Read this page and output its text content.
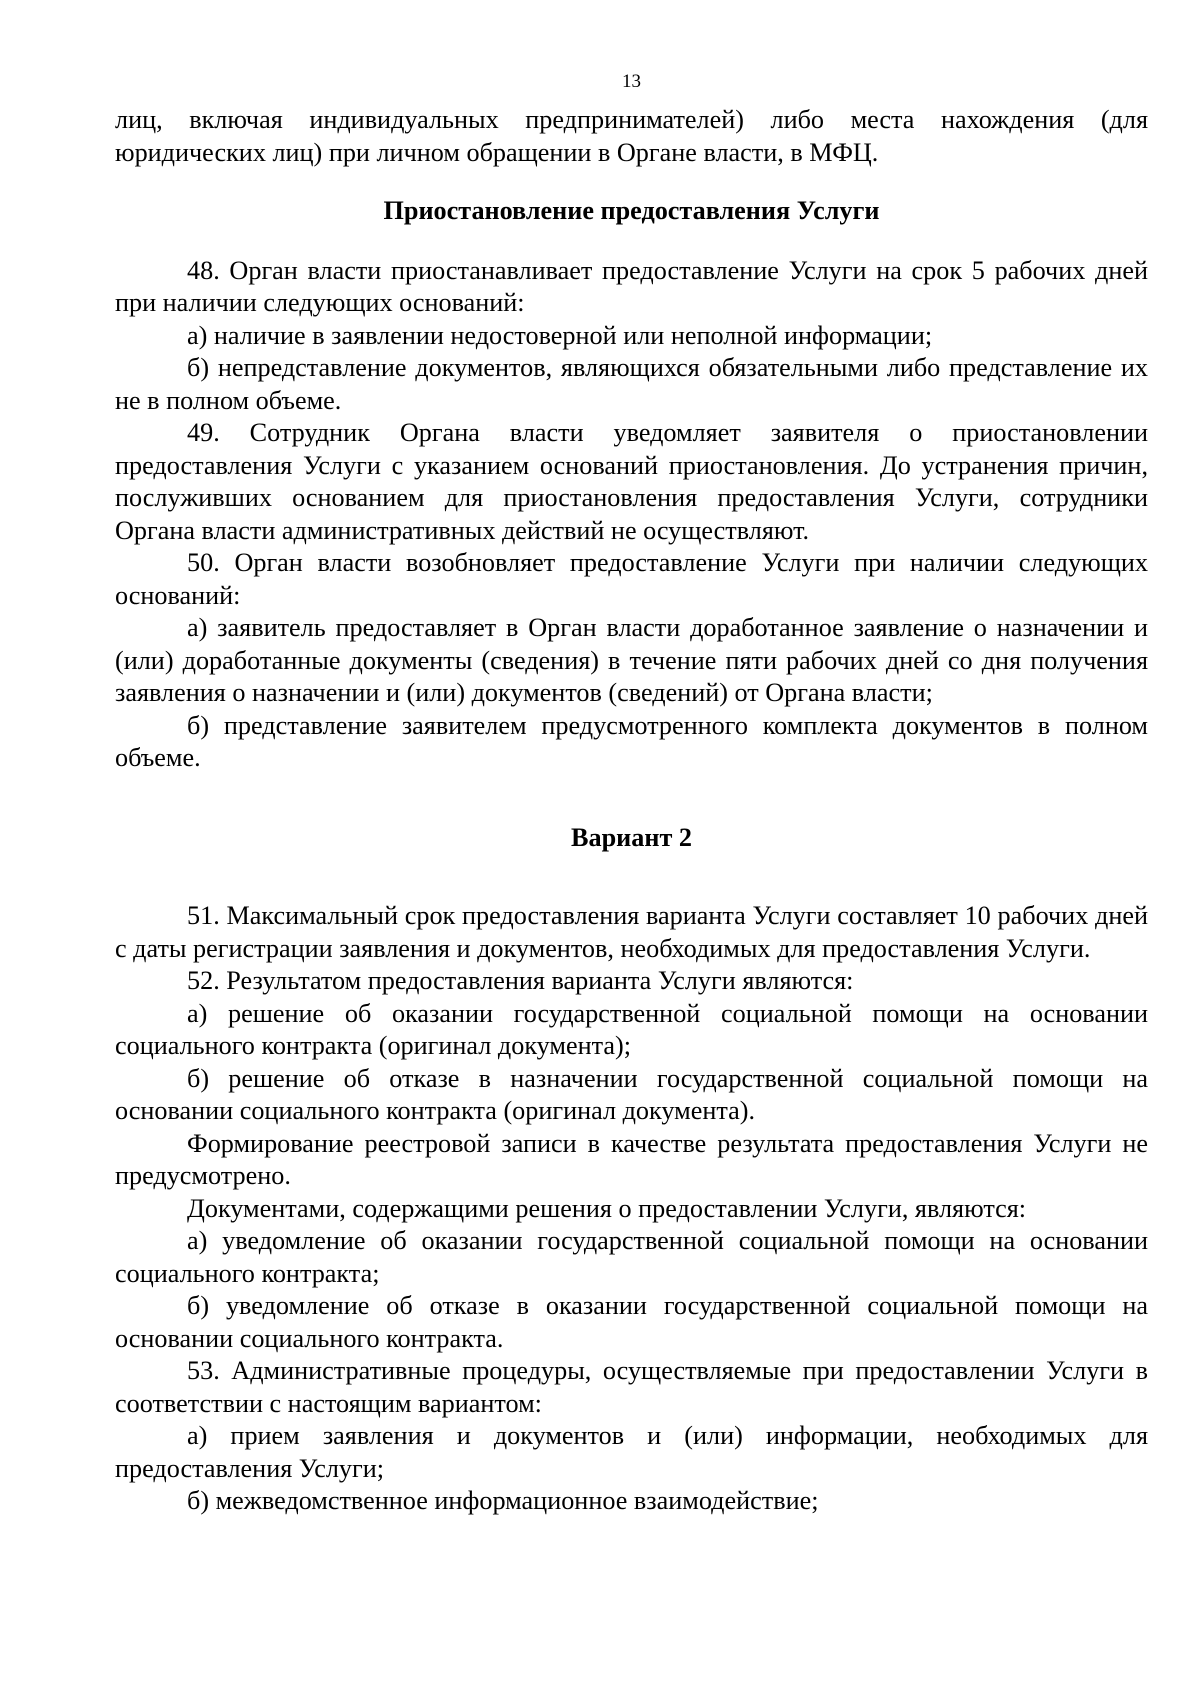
13

лиц, включая индивидуальных предпринимателей) либо места нахождения (для юридических лиц) при личном обращении в Органе власти, в МФЦ.

Приостановление предоставления Услуги

48. Орган власти приостанавливает предоставление Услуги на срок 5 рабочих дней при наличии следующих оснований:

а) наличие в заявлении недостоверной или неполной информации;

б) непредставление документов, являющихся обязательными либо представление их не в полном объеме.

49. Сотрудник Органа власти уведомляет заявителя о приостановлении предоставления Услуги с указанием оснований приостановления. До устранения причин, послуживших основанием для приостановления предоставления Услуги, сотрудники Органа власти административных действий не осуществляют.

50. Орган власти возобновляет предоставление Услуги при наличии следующих оснований:

а) заявитель предоставляет в Орган власти доработанное заявление о назначении и (или) доработанные документы (сведения) в течение пяти рабочих дней со дня получения заявления о назначении и (или) документов (сведений) от Органа власти;

б) представление заявителем предусмотренного комплекта документов в полном объеме.

Вариант 2

51. Максимальный срок предоставления варианта Услуги составляет 10 рабочих дней с даты регистрации заявления и документов, необходимых для предоставления Услуги.

52. Результатом предоставления варианта Услуги являются:

а) решение об оказании государственной социальной помощи на основании социального контракта (оригинал документа);

б) решение об отказе в назначении государственной социальной помощи на основании социального контракта (оригинал документа).

Формирование реестровой записи в качестве результата предоставления Услуги не предусмотрено.

Документами, содержащими решения о предоставлении Услуги, являются:

а) уведомление об оказании государственной социальной помощи на основании социального контракта;

б) уведомление об отказе в оказании государственной социальной помощи на основании социального контракта.

53. Административные процедуры, осуществляемые при предоставлении Услуги в соответствии с настоящим вариантом:

а) прием заявления и документов и (или) информации, необходимых для предоставления Услуги;

б) межведомственное информационное взаимодействие;
